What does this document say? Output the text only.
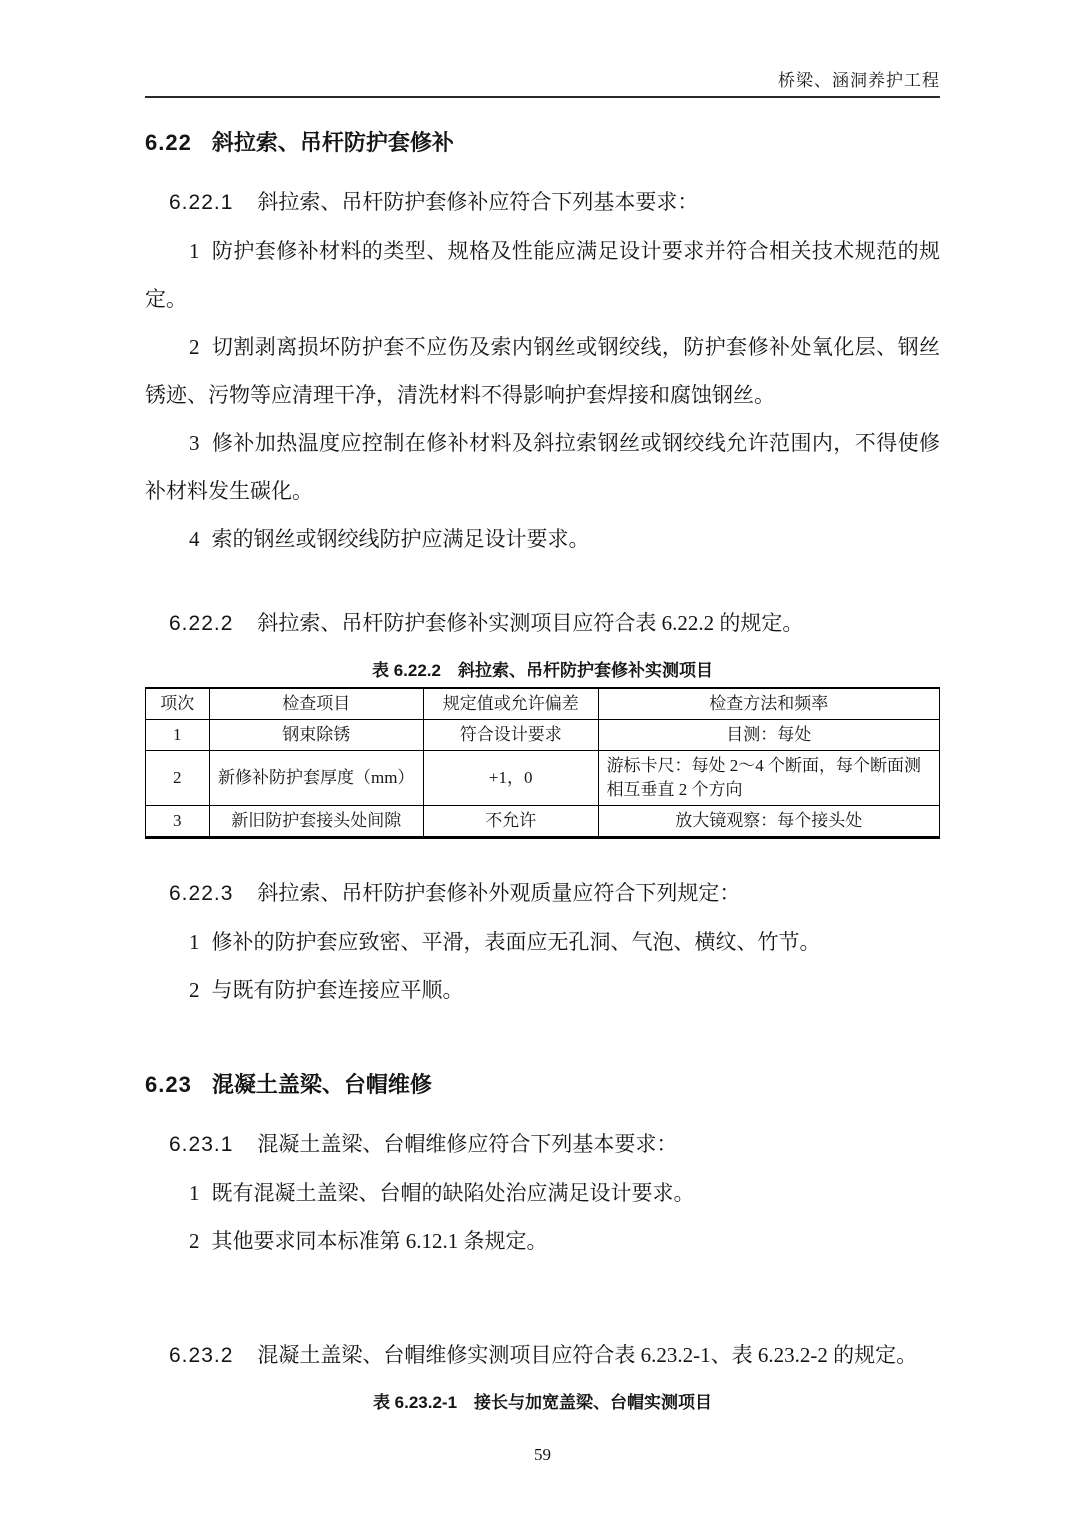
桥梁、涵洞养护工程
6.22 斜拉索、吊杆防护套修补

6.22.1 斜拉索、吊杆防护套修补应符合下列基本要求：

1 防护套修补材料的类型、规格及性能应满足设计要求并符合相关技术规范的规定。

2 切割剥离损坏防护套不应伤及索内钢丝或钢绞线，防护套修补处氧化层、钢丝锈迹、污物等应清理干净，清洗材料不得影响护套焊接和腐蚀钢丝。

3 修补加热温度应控制在修补材料及斜拉索钢丝或钢绞线允许范围内，不得使修补材料发生碳化。

4 索的钢丝或钢绞线防护应满足设计要求。

6.22.2 斜拉索、吊杆防护套修补实测项目应符合表 6.22.2 的规定。

表 6.22.2　斜拉索、吊杆防护套修补实测项目
项次	检查项目	规定值或允许偏差	检查方法和频率
1	钢束除锈	符合设计要求	目测：每处
2	新修补防护套厚度（mm）	+1，0	游标卡尺：每处 2～4 个断面，每个断面测相互垂直 2 个方向
3	新旧防护套接头处间隙	不允许	放大镜观察：每个接头处

6.22.3 斜拉索、吊杆防护套修补外观质量应符合下列规定：

1 修补的防护套应致密、平滑，表面应无孔洞、气泡、横纹、竹节。

2 与既有防护套连接应平顺。

6.23 混凝土盖梁、台帽维修

6.23.1 混凝土盖梁、台帽维修应符合下列基本要求：

1 既有混凝土盖梁、台帽的缺陷处治应满足设计要求。

2 其他要求同本标准第 6.12.1 条规定。

6.23.2 混凝土盖梁、台帽维修实测项目应符合表 6.23.2-1、表 6.23.2-2 的规定。

表 6.23.2-1　接长与加宽盖梁、台帽实测项目
59
